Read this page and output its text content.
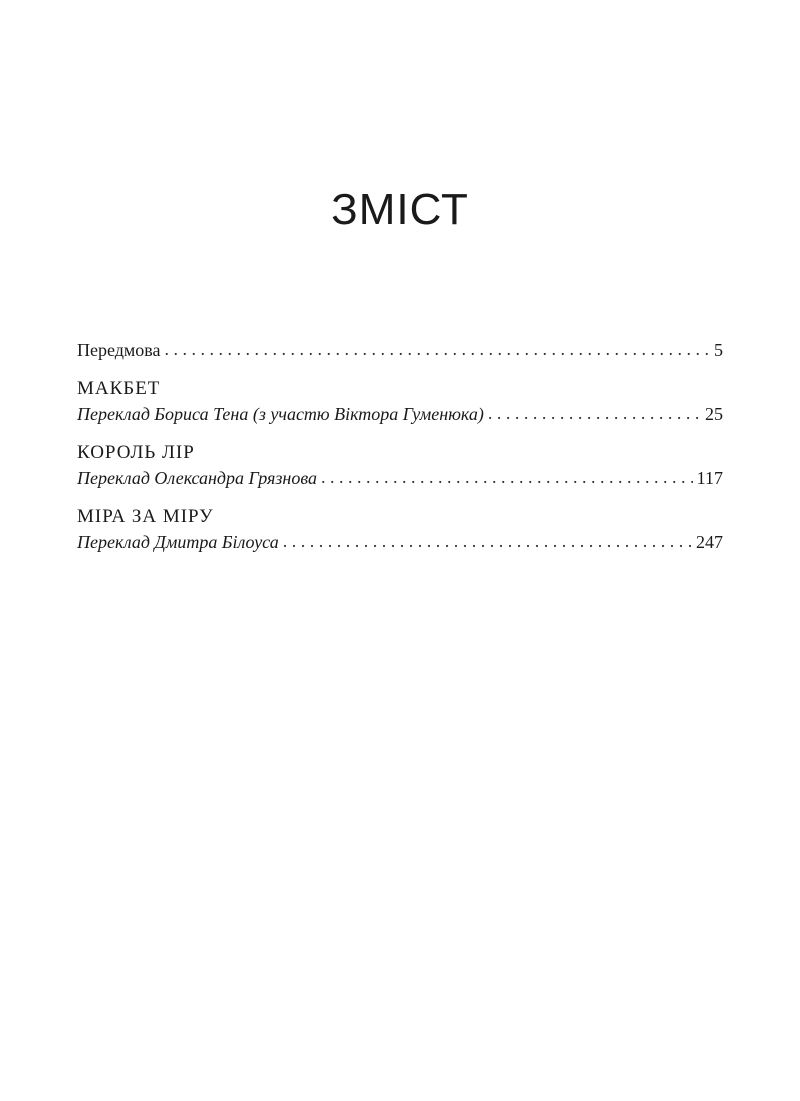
ЗМІСТ
Передмова . . .	5
МАКБЕТ
Переклад Бориса Тена (з участю Віктора Гуменюка) . . .	25
КОРОЛЬ ЛІР
Переклад Олександра Грязнова . . .	117
МІРА ЗА МІРУ
Переклад Дмитра Білоуса . . .	247
